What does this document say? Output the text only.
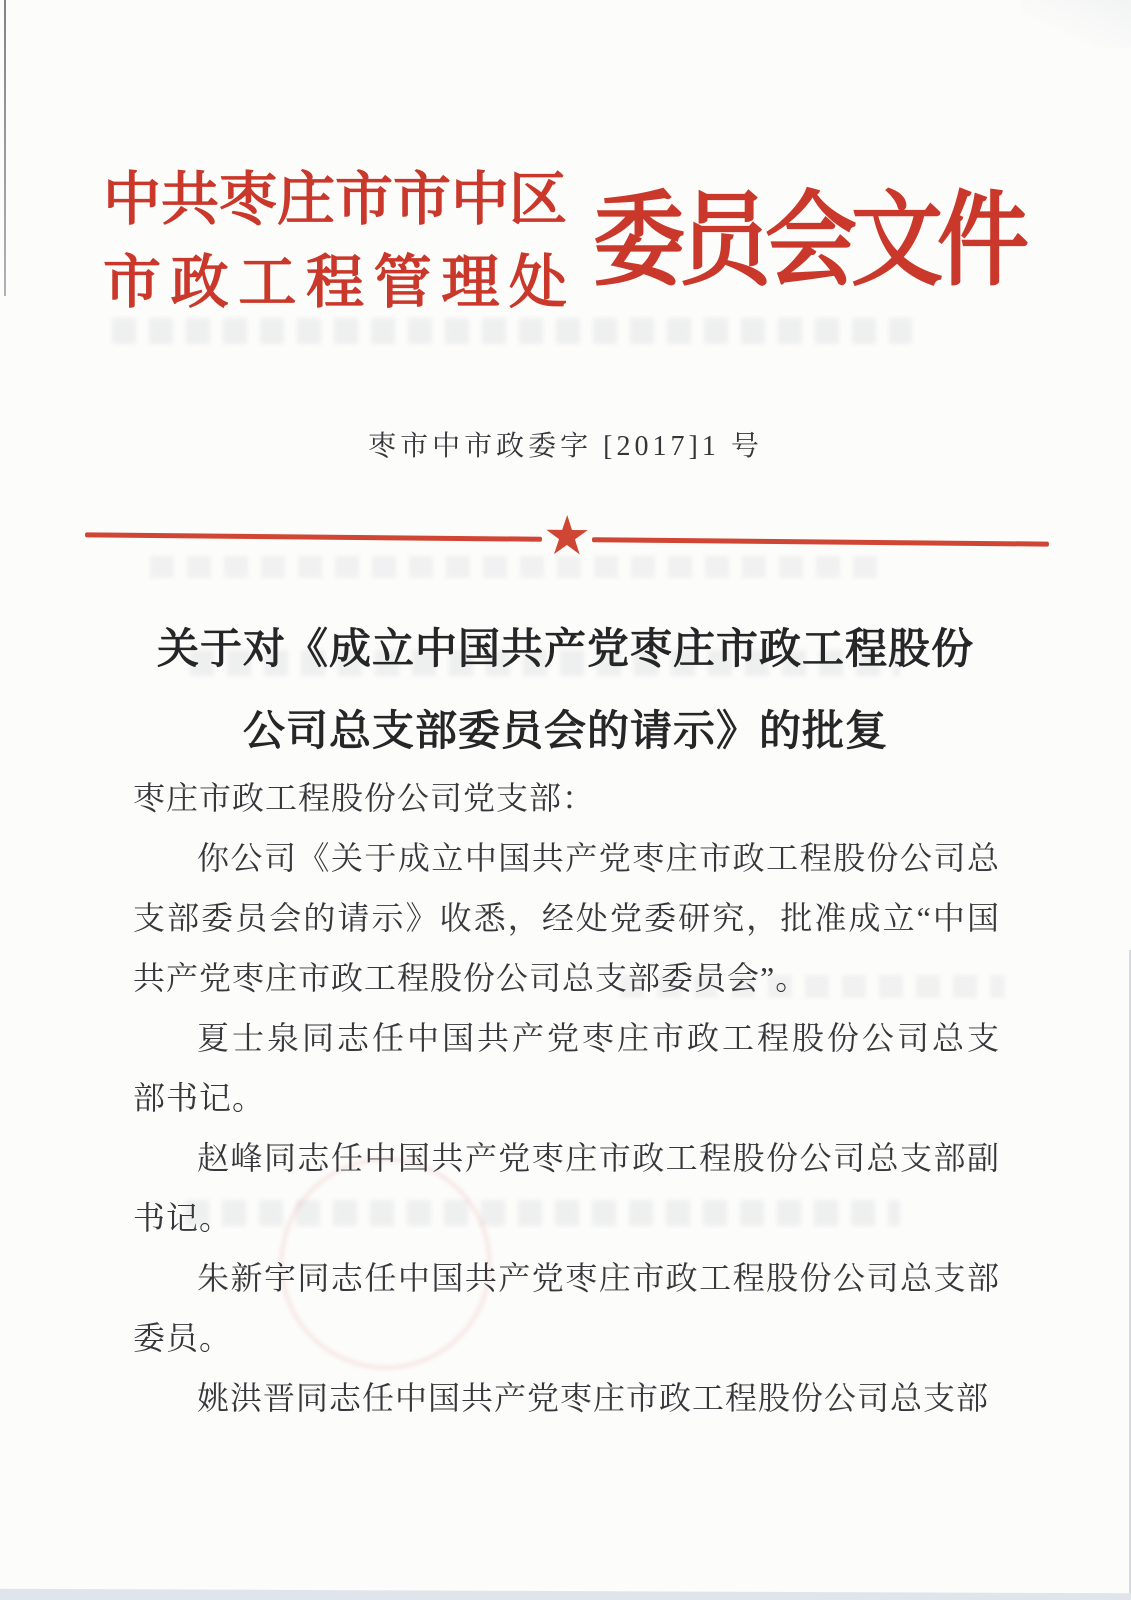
中共枣庄市市中区
市政工程管理处 委员会文件
枣市中市政委字 [2017]1 号
★
关于对《成立中国共产党枣庄市政工程股份
公司总支部委员会的请示》的批复
枣庄市政工程股份公司党支部：
你公司《关于成立中国共产党枣庄市政工程股份公司总
支部委员会的请示》收悉，经处党委研究，批准成立“中国
共产党枣庄市政工程股份公司总支部委员会”。
夏士泉同志任中国共产党枣庄市政工程股份公司总支
部书记。
赵峰同志任中国共产党枣庄市政工程股份公司总支部副
书记。
朱新宇同志任中国共产党枣庄市政工程股份公司总支部
委员。
姚洪晋同志任中国共产党枣庄市政工程股份公司总支部
